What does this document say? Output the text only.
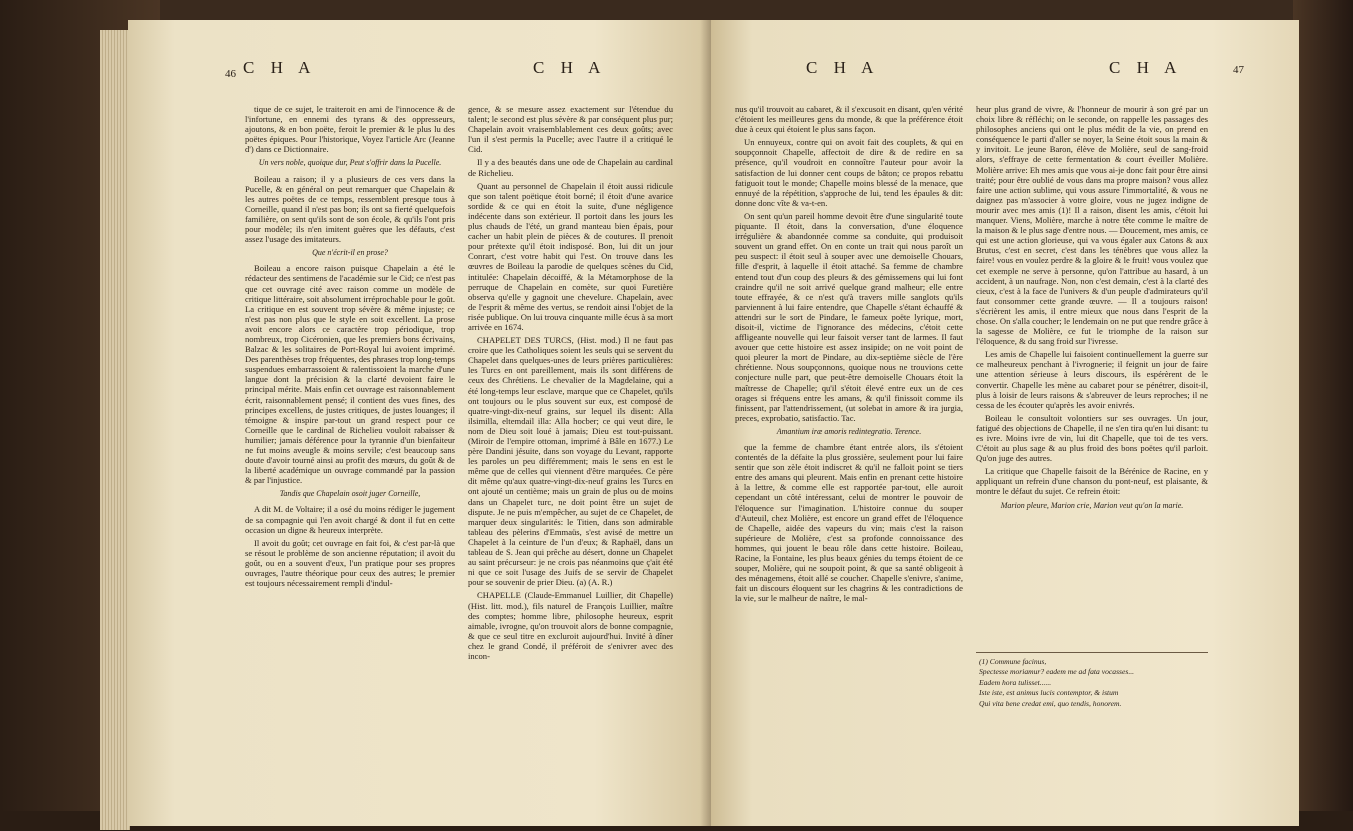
46 C H A	C H A

tique de ce sujet, le traiteroit en ami de l'innocence & de l'infortune, en ennemi des tyrans & des oppresseurs, ajoutons, & en bon poëte, feroit le premier & le plus lu des poëtes épiques. Pour l'historique, Voyez l'article Arc (Jeanne d') dans ce Dictionnaire.

Un vers noble, quoique dur, Peut s'offrir dans la Pucelle.

Boileau a raison; il y a plusieurs de ces vers dans la Pucelle, & en général on peut remarquer que Chapelain & les autres poëtes de ce temps, ressemblent presque tous à Corneille, quand il n'est pas bon; ils ont sa fierté quelquefois familière, on sent qu'ils sont de son école, & qu'ils l'ont pris pour modèle; ils n'en imitent guères que les défauts, c'est assez l'usage des imitateurs.

Que n'écrit-il en prose?

Boileau a encore raison puisque Chapelain a été le rédacteur des sentimens de l'académie sur le Cid; ce n'est pas que cet ouvrage cité avec raison comme un modèle de critique littéraire, soit absolument irréprochable pour le goût. La critique en est souvent trop sévère & même injuste; ce n'est pas non plus que le style en soit excellent. La prose avoit encore alors ce caractère trop périodique, trop nombreux, trop Cicéronien, que les premiers bons écrivains, Balzac & les solitaires de Port-Royal lui avoient imprimé. Des parenthèses trop fréquentes, des phrases trop long-temps suspendues embarrassoient & ralentissoient la marche d'une langue dont la précision & la clarté devoient faire le principal mérite. Mais enfin cet ouvrage est raisonnablement écrit, raisonnablement pensé; il contient des vues fines, des principes excellens, de justes critiques, de justes louanges; il témoigne & inspire par-tout un grand respect pour ce Corneille que le cardinal de Richelieu vouloit rabaisser & humilier; jamais déférence pour la tyrannie d'un bienfaiteur ne fut moins aveugle & moins servile; c'est beaucoup sans doute d'avoir tourné ainsi au profit des mœurs, du goût & de la liberté académique un ouvrage commandé par la passion & par l'injustice.

Tandis que Chapelain osoit juger Corneille,

A dit M. de Voltaire; il a osé du moins rédiger le jugement de sa compagnie qui l'en avoit chargé & dont il fut en cette occasion un digne & heureux interprète.

Il avoit du goût; cet ouvrage en fait foi, & c'est par-là que se résout le problème de son ancienne réputation; il avoit du goût, ou en a souvent d'eux, l'un pratique pour ses propres ouvrages, l'autre théorique pour ceux des autres; le premier est toujours nécessairement rempli d'indul-

gence, & se mesure assez exactement sur l'étendue du talent; le second est plus sévère & par conséquent plus pur; Chapelain avoit vraisemblablement ces deux goûts; avec l'un il s'est permis la Pucelle; avec l'autre il a critiqué le Cid.

Il y a des beautés dans une ode de Chapelain au cardinal de Richelieu.

Quant au personnel de Chapelain il étoit aussi ridicule que son talent poëtique étoit borné; il étoit d'une avarice sordide & ce qui en étoit la suite, d'une négligence indécente dans son extérieur. Il portoit dans les jours les plus chauds de l'été, un grand manteau bien épais, pour cacher un habit plein de pièces & de coutures. Il prenoit pour prétexte qu'il étoit indisposé. Bon, lui dit un jour Conrart, c'est votre habit qui l'est. On trouve dans les œuvres de Boileau la parodie de quelques scènes du Cid, intitulée: Chapelain décoiffé, & la Métamorphose de la perruque de Chapelain en comète, sur quoi Furetière observa qu'elle y gagnoit une chevelure. Chapelain, avec de l'esprit & même des vertus, se rendoit ainsi l'objet de la risée publique. On lui trouva cinquante mille écus à sa mort arrivée en 1674.

CHAPELET DES TURCS, (Hist. mod.) Il ne faut pas croire que les Catholiques soient les seuls qui se servent du Chapelet dans quelques-unes de leurs prières particulières: les Turcs en ont pareillement, mais ils sont différens de ceux des Chrétiens. Le chevalier de la Magdelaine, qui a été long-temps leur esclave, marque que ce Chapelet, qu'ils ont toujours ou le plus souvent sur eux, est composé de quatre-vingt-dix-neuf grains, sur lequel ils disent: Alla ilsimilla, eltemdail illa: Alla hocber; ce qui veut dire, le nom de Dieu soit loué à jamais; Dieu est tout-puissant. (Miroir de l'empire ottoman, imprimé à Bâle en 1677.) Le père Dandini jésuite, dans son voyage du Levant, rapporte les paroles un peu différemment; mais le sens en est le même que de celles qui viennent d'être marquées. Ce père dit même qu'aux quatre-vingt-dix-neuf grains les Turcs en ont ajouté un centième; mais un grain de plus ou de moins dans un Chapelet turc, ne doit point être un sujet de dispute. Je ne puis m'empêcher, au sujet de ce Chapelet, de marquer deux singularités: le Titien, dans son admirable tableau des pèlerins d'Emmaüs, s'est avisé de mettre un Chapelet à la ceinture de l'un d'eux; & Raphaël, dans un tableau de S. Jean qui prêche au désert, donne un Chapelet au saint précurseur: je ne crois pas néanmoins que ç'ait été ni que ce soit l'usage des Juifs de se servir de Chapelet pour se souvenir de prier Dieu. (a) (A. R.)

CHAPELLE (Claude-Emmanuel Luillier, dit Chapelle) (Hist. litt. mod.), fils naturel de François Luillier, maître des comptes; homme libre, philosophe heureux, esprit aimable, ivrogne, qu'on trouvoit alors de bonne compagnie, & que ce seul titre en excluroit aujourd'hui. Invité à dîner chez le grand Condé, il préféroit de s'enivrer avec des incon-

C H A	C H A	47

nus qu'il trouvoit au cabaret, & il s'excusoit en disant, qu'en vérité c'étoient les meilleures gens du monde, & que la préférence étoit due à ceux qui étoient le plus sans façon.

Un ennuyeux, contre qui on avoit fait des couplets, & qui en soupçonnoit Chapelle, affectoit de dire & de redire en sa présence, qu'il voudroit en connoître l'auteur pour avoir la satisfaction de lui donner cent coups de bâton; ce propos rebattu fatiguoit tout le monde; Chapelle moins blessé de la menace, que ennuyé de la répétition, s'approche de lui, tend les épaules & dit: donne donc vîte & va-t-en.

On sent qu'un pareil homme devoit être d'une singularité toute piquante. Il étoit, dans la conversation, d'une éloquence irrégulière & abandonnée comme sa conduite, qui produisoit souvent un grand effet. On en conte un trait qui nous paroît un peu suspect: il étoit seul à souper avec une demoiselle Chouars, fille d'esprit, à laquelle il étoit attaché. Sa femme de chambre entend tout d'un coup des pleurs & des gémissemens qui lui font craindre qu'il ne soit arrivé quelque grand malheur; elle entre toute effrayée, & ce n'est qu'à travers mille sanglots qu'ils parviennent à lui faire entendre, que Chapelle s'étant échauffé & attendri sur le sort de Pindare, le fameux poëte lyrique, mort, disoit-il, victime de l'ignorance des médecins, c'étoit cette affligeante nouvelle qui leur faisoit verser tant de larmes. Il faut avouer que cette histoire est assez insipide; on ne voit point de quoi pleurer la mort de Pindare, au dix-septième siècle de l'ère chrétienne. Nous soupçonnons, quoique nous ne trouvions cette conjecture nulle part, que peut-être demoiselle Chouars étoit la maîtresse de Chapelle; qu'il s'étoit élevé entre eux un de ces orages si fréquens entre les amans, & qu'il finissoit comme ils finissent, par l'attendrissement, (ut solebat in amore & ira jurgia, preces, exprobatio, satisfactio. Tac.

Amantium iræ amoris redintegratio. Terence.

que la femme de chambre étant entrée alors, ils s'étoient contentés de la défaite la plus grossière, seulement pour lui faire sentir que son zèle étoit indiscret & qu'il ne falloit point se tiers entre des amans qui pleurent. Mais enfin en prenant cette histoire à la lettre, & comme elle est rapportée par-tout, elle auroit cependant un côté intéressant, celui de montrer le pouvoir de l'éloquence sur l'imagination. L'histoire connue du souper d'Auteuil, chez Molière, est encore un grand effet de l'éloquence de Chapelle, aidée des vapeurs du vin; mais c'est la raison supérieure de Molière, c'est sa profonde connoissance des hommes, qui jouent le beau rôle dans cette histoire. Boileau, Racine, la Fontaine, les plus beaux génies du temps étoient de ce souper, Molière, qui ne soupoit point, & que sa santé obligeoit à des ménagemens, étoit allé se coucher. Chapelle s'enivre, s'anime, fait un discours éloquent sur les chagrins & les contradictions de la vie, sur le malheur de naître, le mal-

heur plus grand de vivre, & l'honneur de mourir à son gré par un choix libre & réfléchi; on le seconde, on rappelle les passages des philosophes anciens qui ont le plus médit de la vie, on prend en conséquence le parti d'aller se noyer, la Seine étoit sous la main & y invitoit. Le jeune Baron, élève de Molière, seul de sang-froid alors, s'effraye de cette fermentation & court éveiller Molière. Molière arrive: Eh mes amis que vous ai-je donc fait pour être ainsi traité; pour être oublié de vous dans ma propre maison? vous allez faire une action sublime, qui vous assure l'immortalité, & vous ne daignez pas m'associer à votre gloire, vous ne jugez indigne de mourir avec mes amis (1)! Il a raison, disent les amis, c'étoit lui manquer. Viens, Molière, marche à notre tête comme le maître de la maison & le plus sage d'entre nous. — Doucement, mes amis, ce qui est une action glorieuse, qui va vous égaler aux Catons & aux Brutus, c'est en secret, c'est dans les ténèbres que vous allez la faire! vous en voulez perdre & la gloire & le fruit! vous voulez que cet exemple ne serve à personne, qu'on l'attribue au hasard, à un accident, à un naufrage. Non, non c'est demain, c'est à la clarté des cieux, c'est à la face de l'univers & d'un peuple d'admirateurs qu'il faut consommer cette grande œuvre. — Il a toujours raison! s'écrièrent les amis, il entre mieux que nous dans l'esprit de la chose. On s'alla coucher; le lendemain on ne put que rendre grâce à la sagesse de Molière, ce fut le triomphe de la raison sur l'éloquence, & du sang froid sur l'ivresse.

Les amis de Chapelle lui faisoient continuellement la guerre sur ce malheureux penchant à l'ivrognerie; il feignit un jour de faire une attention sérieuse à leurs discours, ils espérèrent de le convertir. Chapelle les mène au cabaret pour se pénétrer, disoit-il, plus à loisir de leurs raisons & s'abreuver de leurs reproches; il ne cessa de les écouter qu'après les avoir enivrés.

Boileau le consultoit volontiers sur ses ouvrages. Un jour, fatigué des objections de Chapelle, il ne s'en tira qu'en lui disant: tu es ivre. Moins ivre de vin, lui dit Chapelle, que toi de tes vers. C'étoit au plus sage & au plus froid des bons poëtes qu'il parloit. Qu'on juge des autres.

La critique que Chapelle faisoit de la Bérénice de Racine, en y appliquant un refrein d'une chanson du pont-neuf, est plaisante, & montre le défaut du sujet. Ce refrein étoit:

Marion pleure, Marion crie, Marion veut qu'on la marie.

(1) Commune facinus,
Spectesse moriamur? eadem me ad fata vocasses...
Eadem hora tulisset......
Iste iste, est animus lucis contemptor, & istum
Qui vita bene credat emi, quo tendis, honorem.
